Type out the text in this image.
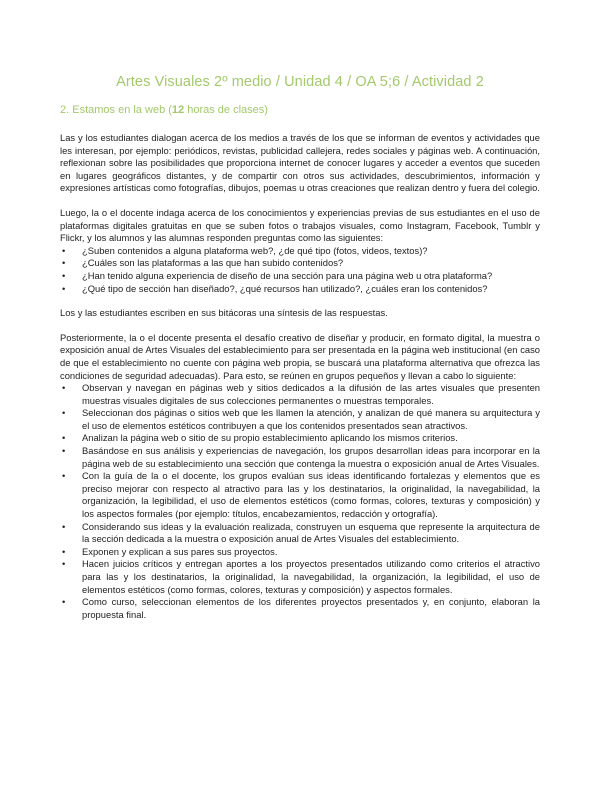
Artes Visuales 2º medio / Unidad 4 / OA 5;6 / Actividad 2
2. Estamos en la web (12 horas de clases)

Las y los estudiantes dialogan acerca de los medios a través de los que se informan de eventos y actividades que les interesan, por ejemplo: periódicos, revistas, publicidad callejera, redes sociales y páginas web. A continuación, reflexionan sobre las posibilidades que proporciona internet de conocer lugares y acceder a eventos que suceden en lugares geográficos distantes, y de compartir con otros sus actividades, descubrimientos, información y expresiones artísticas como fotografías, dibujos, poemas u otras creaciones que realizan dentro y fuera del colegio.

Luego, la o el docente indaga acerca de los conocimientos y experiencias previas de sus estudiantes en el uso de plataformas digitales gratuitas en que se suben fotos o trabajos visuales, como Instagram, Facebook, Tumblr y Flickr, y los alumnos y las alumnas responden preguntas como las siguientes:

• ¿Suben contenidos a alguna plataforma web?, ¿de qué tipo (fotos, videos, textos)?
• ¿Cuáles son las plataformas a las que han subido contenidos?
• ¿Han tenido alguna experiencia de diseño de una sección para una página web u otra plataforma?
• ¿Qué tipo de sección han diseñado?, ¿qué recursos han utilizado?, ¿cuáles eran los contenidos?

Los y las estudiantes escriben en sus bitácoras una síntesis de las respuestas.

Posteriormente, la o el docente presenta el desafío creativo de diseñar y producir, en formato digital, la muestra o exposición anual de Artes Visuales del establecimiento para ser presentada en la página web institucional (en caso de que el establecimiento no cuente con página web propia, se buscará una plataforma alternativa que ofrezca las condiciones de seguridad adecuadas). Para esto, se reúnen en grupos pequeños y llevan a cabo lo siguiente:

• Observan y navegan en páginas web y sitios dedicados a la difusión de las artes visuales que presenten muestras visuales digitales de sus colecciones permanentes o muestras temporales.
• Seleccionan dos páginas o sitios web que les llamen la atención, y analizan de qué manera su arquitectura y el uso de elementos estéticos contribuyen a que los contenidos presentados sean atractivos.
• Analizan la página web o sitio de su propio establecimiento aplicando los mismos criterios.
• Basándose en sus análisis y experiencias de navegación, los grupos desarrollan ideas para incorporar en la página web de su establecimiento una sección que contenga la muestra o exposición anual de Artes Visuales.
• Con la guía de la o el docente, los grupos evalúan sus ideas identificando fortalezas y elementos que es preciso mejorar con respecto al atractivo para las y los destinatarios, la originalidad, la navegabilidad, la organización, la legibilidad, el uso de elementos estéticos (como formas, colores, texturas y composición) y los aspectos formales (por ejemplo: títulos, encabezamientos, redacción y ortografía).
• Considerando sus ideas y la evaluación realizada, construyen un esquema que represente la arquitectura de la sección dedicada a la muestra o exposición anual de Artes Visuales del establecimiento.
• Exponen y explican a sus pares sus proyectos.
• Hacen juicios críticos y entregan aportes a los proyectos presentados utilizando como criterios el atractivo para las y los destinatarios, la originalidad, la navegabilidad, la organización, la legibilidad, el uso de elementos estéticos (como formas, colores, texturas y composición) y aspectos formales.
• Como curso, seleccionan elementos de los diferentes proyectos presentados y, en conjunto, elaboran la propuesta final.
